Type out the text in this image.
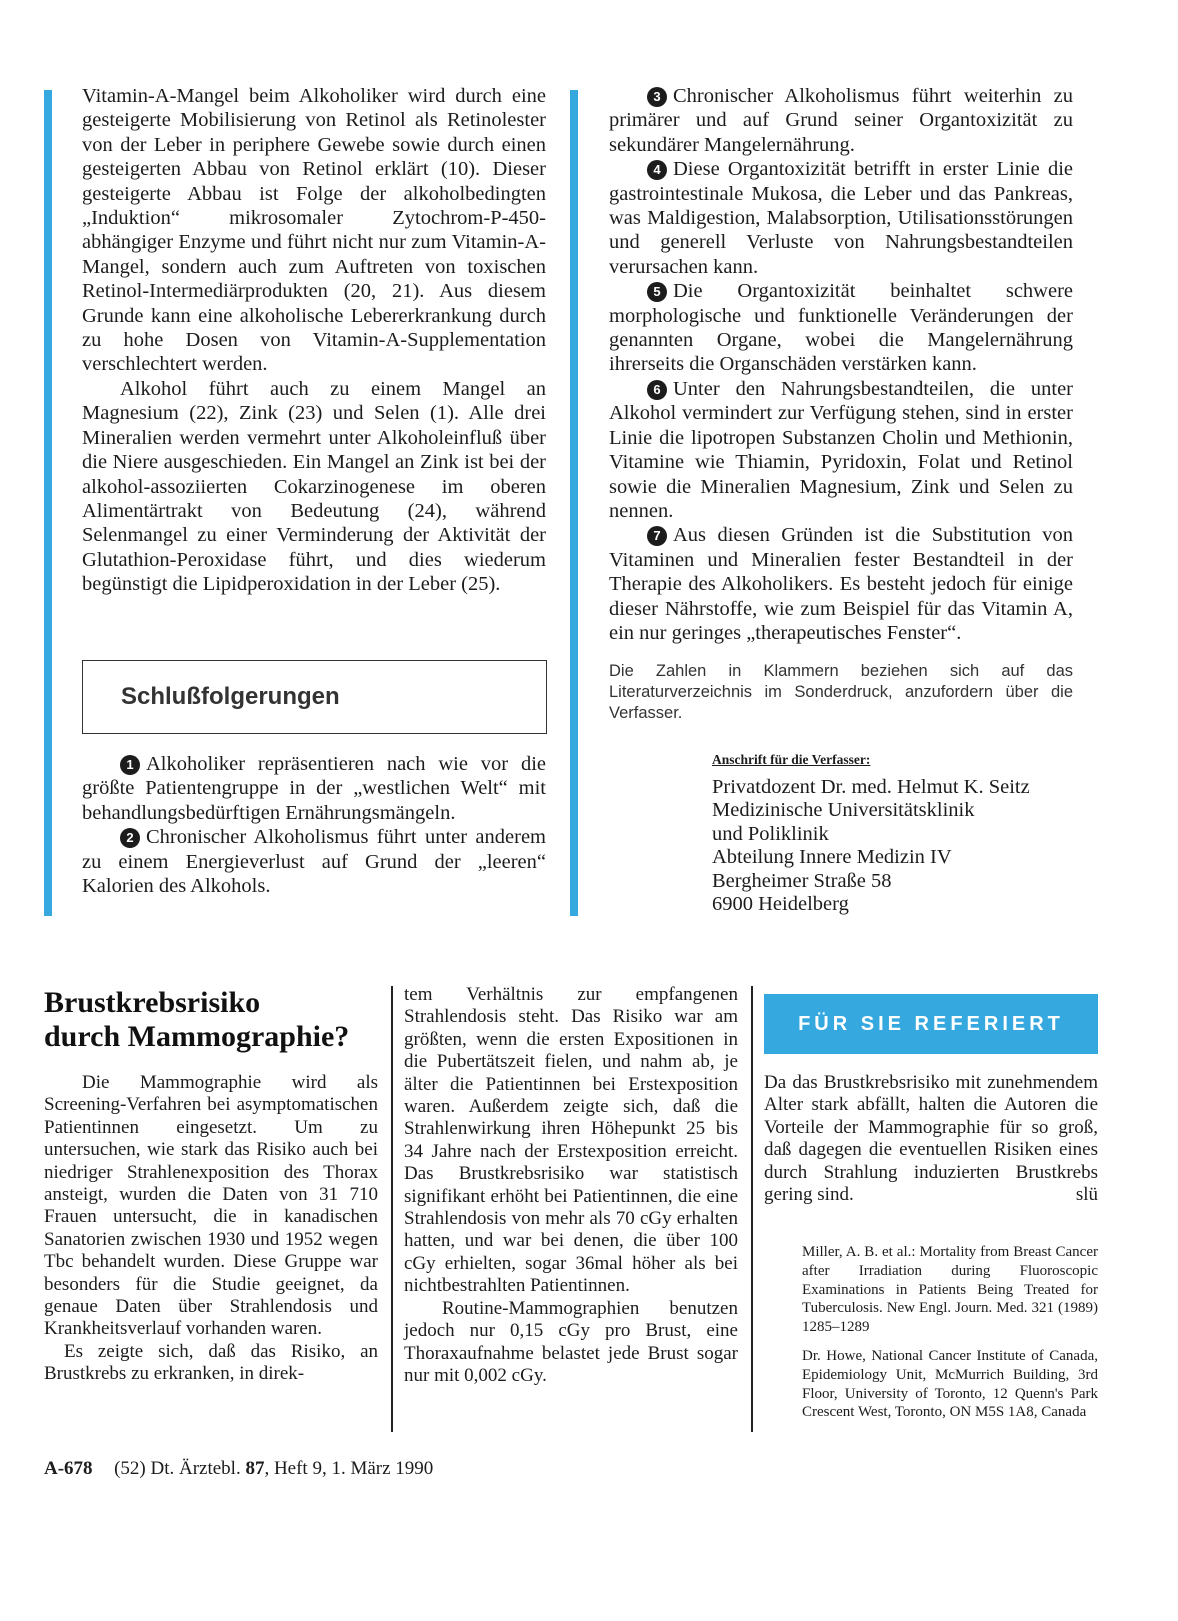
Vitamin-A-Mangel beim Alkoholiker wird durch eine gesteigerte Mobilisierung von Retinol als Retinolester von der Leber in periphere Gewebe sowie durch einen gesteigerten Abbau von Retinol erklärt (10). Dieser gesteigerte Abbau ist Folge der alkoholbedingten „Induktion“ mikrosomaler Zytochrom-P-450-abhängiger Enzyme und führt nicht nur zum Vitamin-A-Mangel, sondern auch zum Auftreten von toxischen Retinol-Intermediärprodukten (20, 21). Aus diesem Grunde kann eine alkoholische Lebererkrankung durch zu hohe Dosen von Vitamin-A-Supplementation verschlechtert werden.

Alkohol führt auch zu einem Mangel an Magnesium (22), Zink (23) und Selen (1). Alle drei Mineralien werden vermehrt unter Alkoholeinfluß über die Niere ausgeschieden. Ein Mangel an Zink ist bei der alkohol-assoziierten Cokarzinogenese im oberen Alimentärtrakt von Bedeutung (24), während Selenmangel zu einer Verminderung der Aktivität der Glutathion-Peroxidase führt, und dies wiederum begünstigt die Lipidperoxidation in der Leber (25).

Schlußfolgerungen

1 Alkoholiker repräsentieren nach wie vor die größte Patientengruppe in der „westlichen Welt“ mit behandlungsbedürftigen Ernährungsmängeln.

2 Chronischer Alkoholismus führt unter anderem zu einem Energieverlust auf Grund der „leeren“ Kalorien des Alkohols.

3 Chronischer Alkoholismus führt weiterhin zu primärer und auf Grund seiner Organtoxizität zu sekundärer Mangelernährung.

4 Diese Organtoxizität betrifft in erster Linie die gastrointestinale Mukosa, die Leber und das Pankreas, was Maldigestion, Malabsorption, Utilisationsstörungen und generell Verluste von Nahrungsbestandteilen verursachen kann.

5 Die Organtoxizität beinhaltet schwere morphologische und funktionelle Veränderungen der genannten Organe, wobei die Mangelernährung ihrerseits die Organschäden verstärken kann.

6 Unter den Nahrungsbestandteilen, die unter Alkohol vermindert zur Verfügung stehen, sind in erster Linie die lipotropen Substanzen Cholin und Methionin, Vitamine wie Thiamin, Pyridoxin, Folat und Retinol sowie die Mineralien Magnesium, Zink und Selen zu nennen.

7 Aus diesen Gründen ist die Substitution von Vitaminen und Mineralien fester Bestandteil in der Therapie des Alkoholikers. Es besteht jedoch für einige dieser Nährstoffe, wie zum Beispiel für das Vitamin A, ein nur geringes „therapeutisches Fenster“.

Die Zahlen in Klammern beziehen sich auf das Literaturverzeichnis im Sonderdruck, anzufordern über die Verfasser.

Anschrift für die Verfasser:

Privatdozent Dr. med. Helmut K. Seitz

Medizinische Universitätsklinik

und Poliklinik

Abteilung Innere Medizin IV

Bergheimer Straße 58

6900 Heidelberg

Brustkrebsrisiko

durch Mammographie?

Die Mammographie wird als Screening-Verfahren bei asymptomatischen Patientinnen eingesetzt. Um zu untersuchen, wie stark das Risiko auch bei niedriger Strahlenexposition des Thorax ansteigt, wurden die Daten von 31 710 Frauen untersucht, die in kanadischen Sanatorien zwischen 1930 und 1952 wegen Tbc behandelt wurden. Diese Gruppe war besonders für die Studie geeignet, da genaue Daten über Strahlendosis und Krankheitsverlauf vorhanden waren.

Es zeigte sich, daß das Risiko, an Brustkrebs zu erkranken, in direk-

tem Verhältnis zur empfangenen Strahlendosis steht. Das Risiko war am größten, wenn die ersten Expositionen in die Pubertätszeit fielen, und nahm ab, je älter die Patientinnen bei Erstexposition waren. Außerdem zeigte sich, daß die Strahlenwirkung ihren Höhepunkt 25 bis 34 Jahre nach der Erstexposition erreicht. Das Brustkrebsrisiko war statistisch signifikant erhöht bei Patientinnen, die eine Strahlendosis von mehr als 70 cGy erhalten hatten, und war bei denen, die über 100 cGy erhielten, sogar 36mal höher als bei nichtbestrahlten Patientinnen.

Routine-Mammographien benutzen jedoch nur 0,15 cGy pro Brust, eine Thoraxaufnahme belastet jede Brust sogar nur mit 0,002 cGy.

FÜR SIE REFERIERT

Da das Brustkrebsrisiko mit zunehmendem Alter stark abfällt, halten die Autoren die Vorteile der Mammographie für so groß, daß dagegen die eventuellen Risiken eines durch Strahlung induzierten Brustkrebs gering sind.	slü

Miller, A. B. et al.: Mortality from Breast Cancer after Irradiation during Fluoroscopic Examinations in Patients Being Treated for Tuberculosis. New Engl. Journ. Med. 321 (1989) 1285–1289

Dr. Howe, National Cancer Institute of Canada, Epidemiology Unit, McMurrich Building, 3rd Floor, University of Toronto, 12 Quenn's Park Crescent West, Toronto, ON M5S 1A8, Canada

A-678 (52) Dt. Ärztebl. 87, Heft 9, 1. März 1990
